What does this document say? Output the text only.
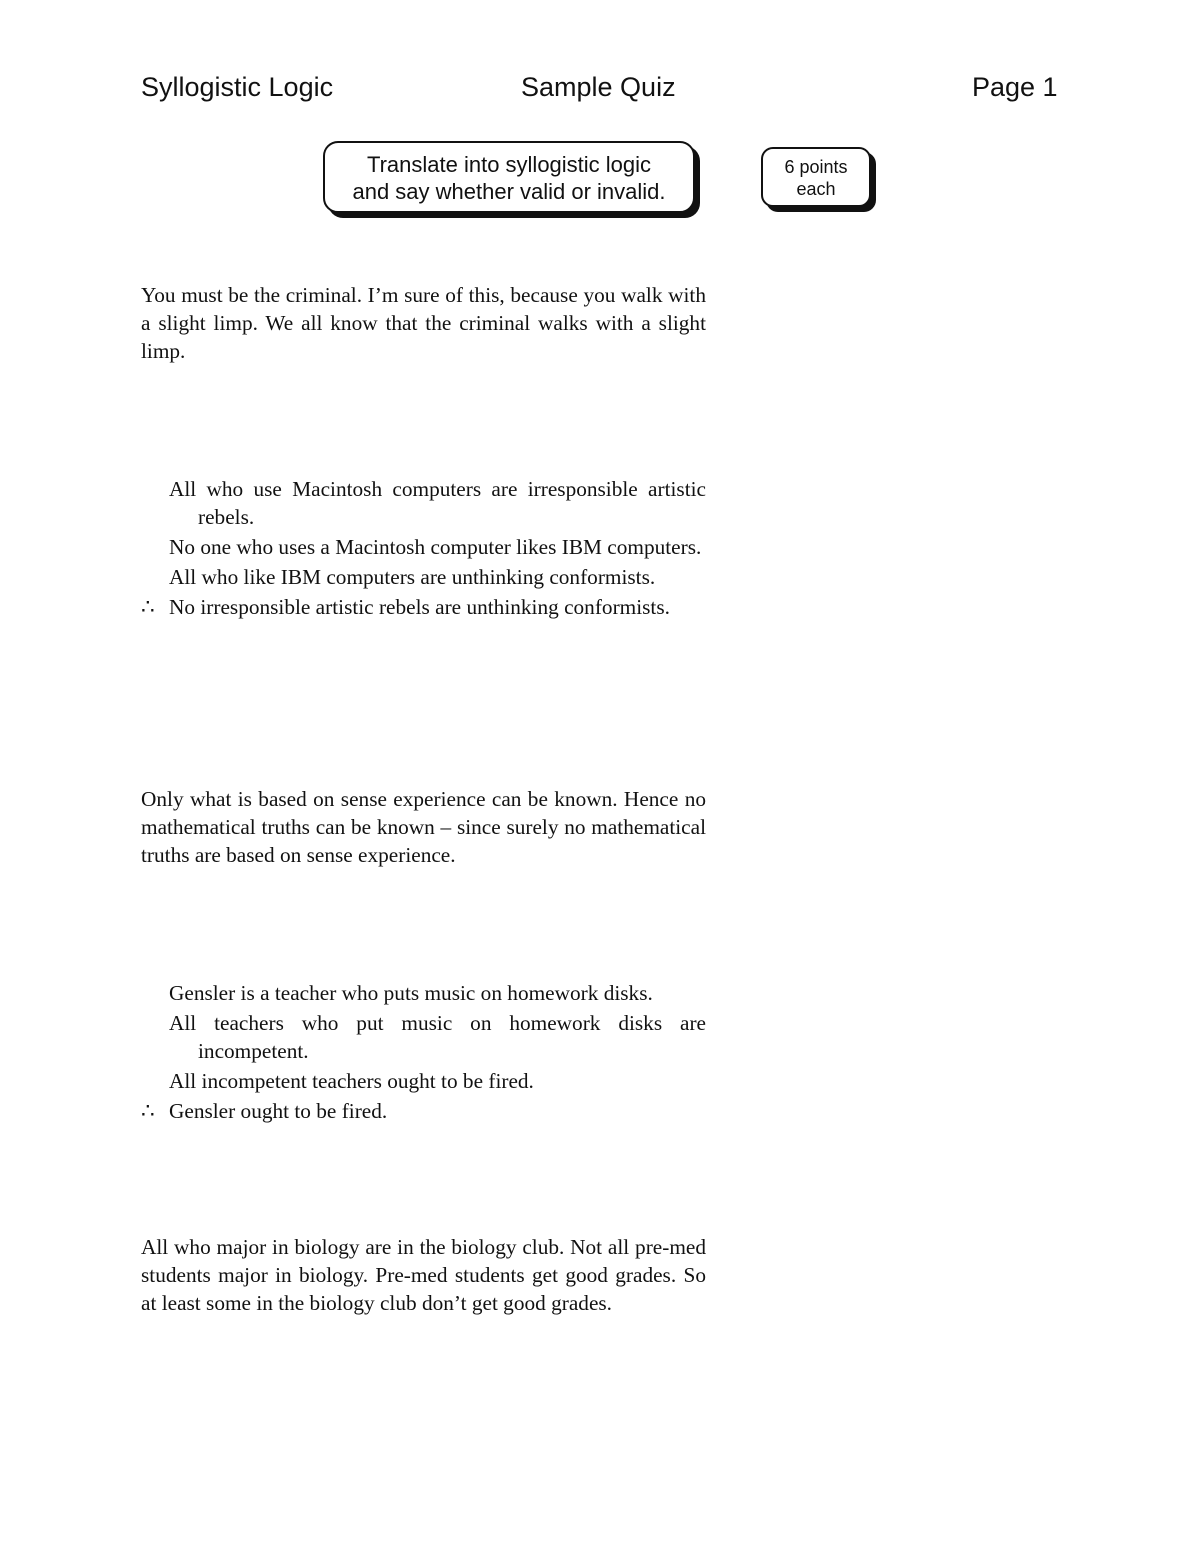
Syllogistic Logic	Sample Quiz	Page 1
Translate into syllogistic logic
and say whether valid or invalid.
6 points
each

You must be the criminal. I’m sure of this, because you walk with a slight limp. We all know that the criminal walks with a slight limp.

All who use Macintosh computers are irresponsible artistic rebels.
No one who uses a Macintosh computer likes IBM computers.
All who like IBM computers are unthinking conformists.
∴ No irresponsible artistic rebels are unthinking conformists.

Only what is based on sense experience can be known. Hence no mathematical truths can be known – since surely no mathematical truths are based on sense experience.

Gensler is a teacher who puts music on homework disks.
All teachers who put music on homework disks are incompetent.
All incompetent teachers ought to be fired.
∴ Gensler ought to be fired.

All who major in biology are in the biology club. Not all pre-med students major in biology. Pre-med students get good grades. So at least some in the biology club don’t get good grades.
